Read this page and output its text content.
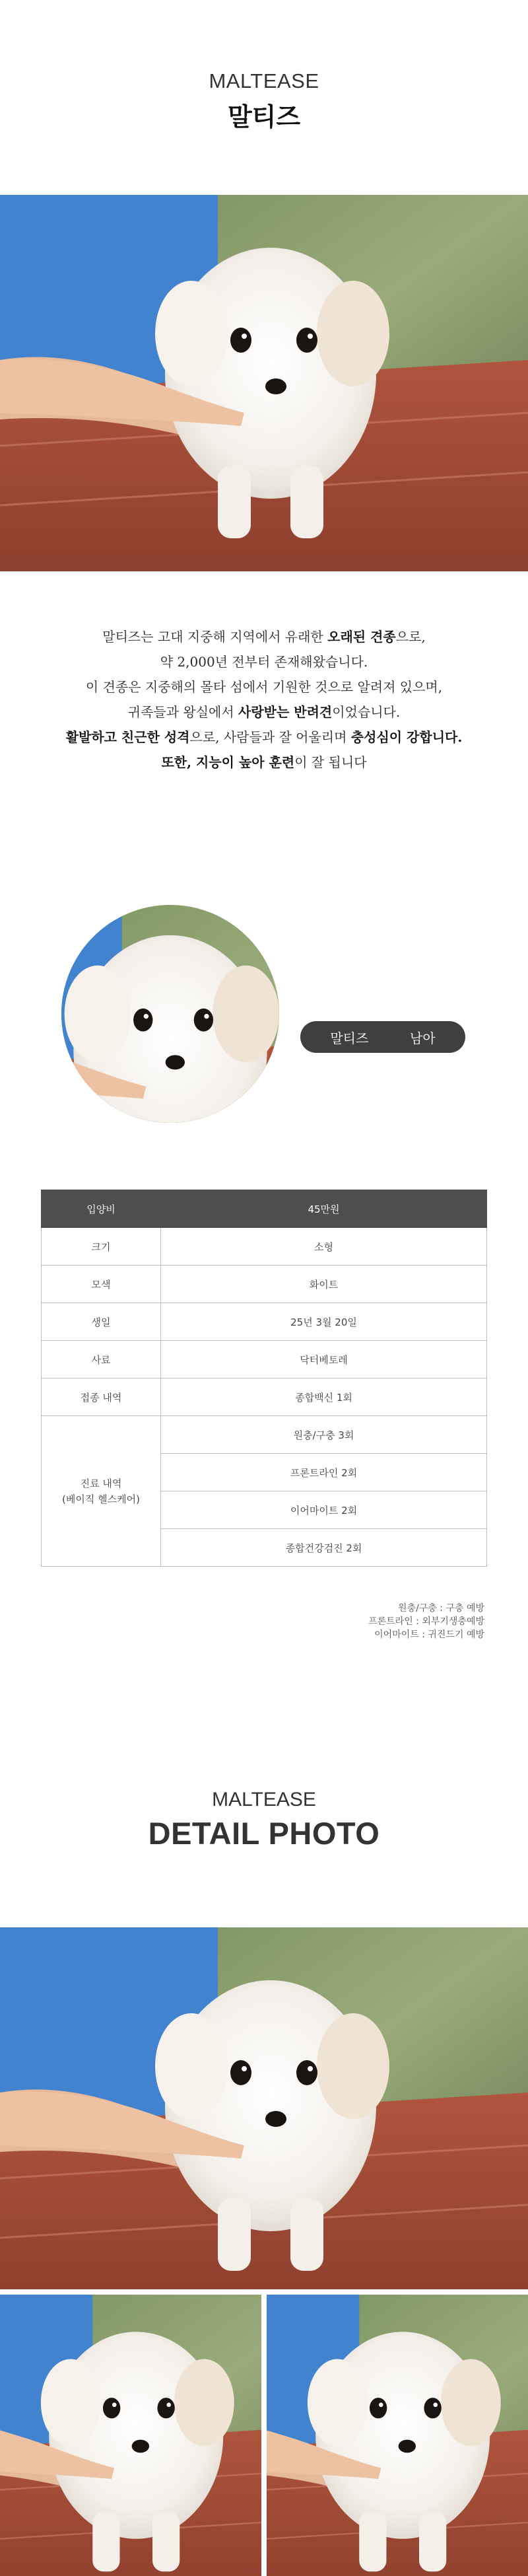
MALTEASE
말티즈

말티즈는 고대 지중해 지역에서 유래한 오래된 견종으로,

약 2,000년 전부터 존재해왔습니다.

이 견종은 지중해의 몰타 섬에서 기원한 것으로 알려져 있으며,

귀족들과 왕실에서 사랑받는 반려견이었습니다.

활발하고 친근한 성격으로, 사람들과 잘 어울리며 충성심이 강합니다.

또한, 지능이 높아 훈련이 잘 됩니다

말티즈	남아
입양비	45만원
크기	소형
모색	화이트
생일	25년 3월 20일
사료	닥터베토레
접종 내역	종합백신 1회
진료 내역
(베이직 헬스케어)	원충/구충 3회
	프론트라인 2회
	이어마이트 2회
	종합건강검진 2회
원충/구충 : 구충 예방
프론트라인 : 외부기생충예방
이어마이트 : 귀진드기 예방
MALTEASE
DETAIL PHOTO
